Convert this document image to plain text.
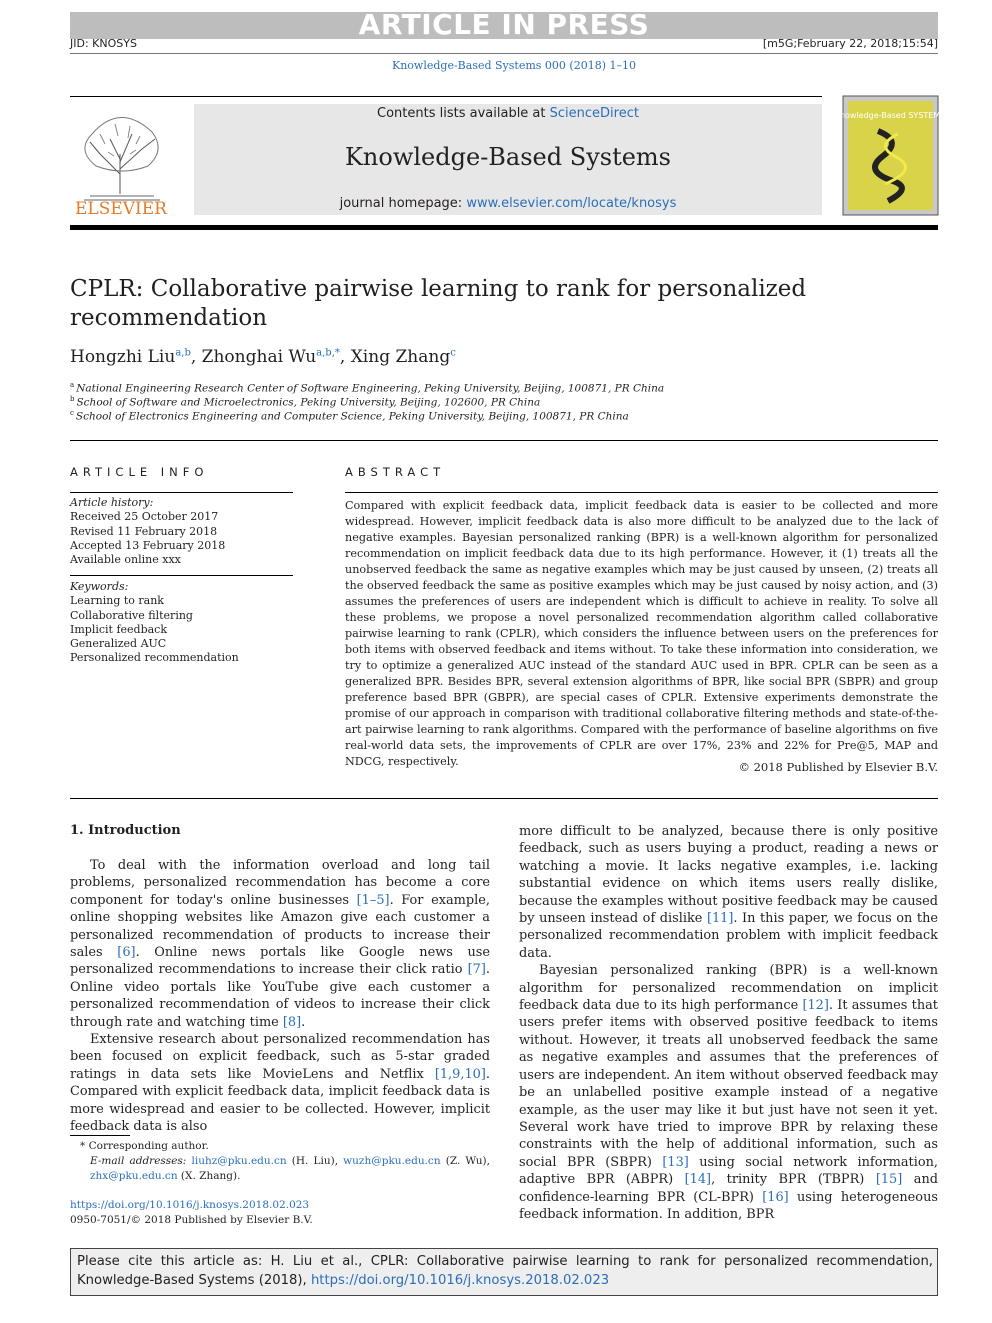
ARTICLE IN PRESS
JID: KNOSYS	[m5G;February 22, 2018;15:54]
Knowledge-Based Systems 000 (2018) 1–10
ELSEVIER
Contents lists available at ScienceDirect
Knowledge-Based Systems
journal homepage: www.elsevier.com/locate/knosys
Knowledge-Based SYSTEMS
CPLR: Collaborative pairwise learning to rank for personalized recommendation
Hongzhi Liu$^{a,b}$, Zhonghai $Wu^{a,b,*}$, Xing Zhang$^c$
$^a$ National Engineering Research Center of Software Engineering, Peking University, Beijing, 100871, PR China
$^b$ School of Software and Microelectronics, Peking University, Beijing, 102600, PR China
$^c$ School of Electronics Engineering and Computer Science, Peking University, Beijing, 100871, PR China
ARTICLE INFO
Article history:
Received 25 October 2017
Revised 11 February 2018
Accepted 13 February 2018
Available online xxx
Keywords:
Learning to rank
Collaborative filtering
Implicit feedback
Generalized AUC
Personalized recommendation
ABSTRACT
Compared with explicit feedback data, implicit feedback data is easier to be collected and more widespread. However, implicit feedback data is also more difficult to be analyzed due to the lack of negative examples. Bayesian personalized ranking (BPR) is a well-known algorithm for personalized recommendation on implicit feedback data due to its high performance. However, it (1) treats all the unobserved feedback the same as negative examples which may be just caused by unseen, (2) treats all the observed feedback the same as positive examples which may be just caused by noisy action, and (3) assumes the preferences of users are independent which is difficult to achieve in reality. To solve all these problems, we propose a novel personalized recommendation algorithm called collaborative pairwise learning to rank (CPLR), which considers the influence between users on the preferences for both items with observed feedback and items without. To take these information into consideration, we try to optimize a generalized AUC instead of the standard AUC used in BPR. CPLR can be seen as a generalized BPR. Besides BPR, several extension algorithms of BPR, like social BPR (SBPR) and group preference based BPR (GBPR), are special cases of CPLR. Extensive experiments demonstrate the promise of our approach in comparison with traditional collaborative filtering methods and state-of-the-art pairwise learning to rank algorithms. Compared with the performance of baseline algorithms on five real-world data sets, the improvements of CPLR are over 17%, 23% and 22% for Pre@5, MAP and NDCG, respectively.	© 2018 Published by Elsevier B.V.
1. Introduction

To deal with the information overload and long tail problems, personalized recommendation has become a core component for today's online businesses [1–5]. For example, online shopping websites like Amazon give each customer a personalized recommendation of products to increase their sales [6]. Online news portals like Google news use personalized recommendations to increase their click ratio [7]. Online video portals like YouTube give each customer a personalized recommendation of videos to increase their click through rate and watching time [8].

Extensive research about personalized recommendation has been focused on explicit feedback, such as 5-star graded ratings in data sets like MovieLens and Netflix [1,9,10]. Compared with explicit feedback data, implicit feedback data is more widespread and easier to be collected. However, implicit feedback data is also

more difficult to be analyzed, because there is only positive feedback, such as users buying a product, reading a news or watching a movie. It lacks negative examples, i.e. lacking substantial evidence on which items users really dislike, because the examples without positive feedback may be caused by unseen instead of dislike [11]. In this paper, we focus on the personalized recommendation problem with implicit feedback data.

Bayesian personalized ranking (BPR) is a well-known algorithm for personalized recommendation on implicit feedback data due to its high performance [12]. It assumes that users prefer items with observed positive feedback to items without. However, it treats all unobserved feedback the same as negative examples and assumes that the preferences of users are independent. An item without observed feedback may be an unlabelled positive example instead of a negative example, as the user may like it but just have not seen it yet. Several work have tried to improve BPR by relaxing these constraints with the help of additional information, such as social BPR (SBPR) [13] using social network information, adaptive BPR (ABPR) [14], trinity BPR (TBPR) [15] and confidence-learning BPR (CL-BPR) [16] using heterogeneous feedback information. In addition, BPR

* Corresponding author.
E-mail addresses: liuhz@pku.edu.cn (H. Liu), wuzh@pku.edu.cn (Z. Wu), zhx@pku.edu.cn (X. Zhang).
https://doi.org/10.1016/j.knosys.2018.02.023
0950-7051/© 2018 Published by Elsevier B.V.
Please cite this article as: H. Liu et al., CPLR: Collaborative pairwise learning to rank for personalized recommendation, Knowledge-Based Systems (2018), https://doi.org/10.1016/j.knosys.2018.02.023
